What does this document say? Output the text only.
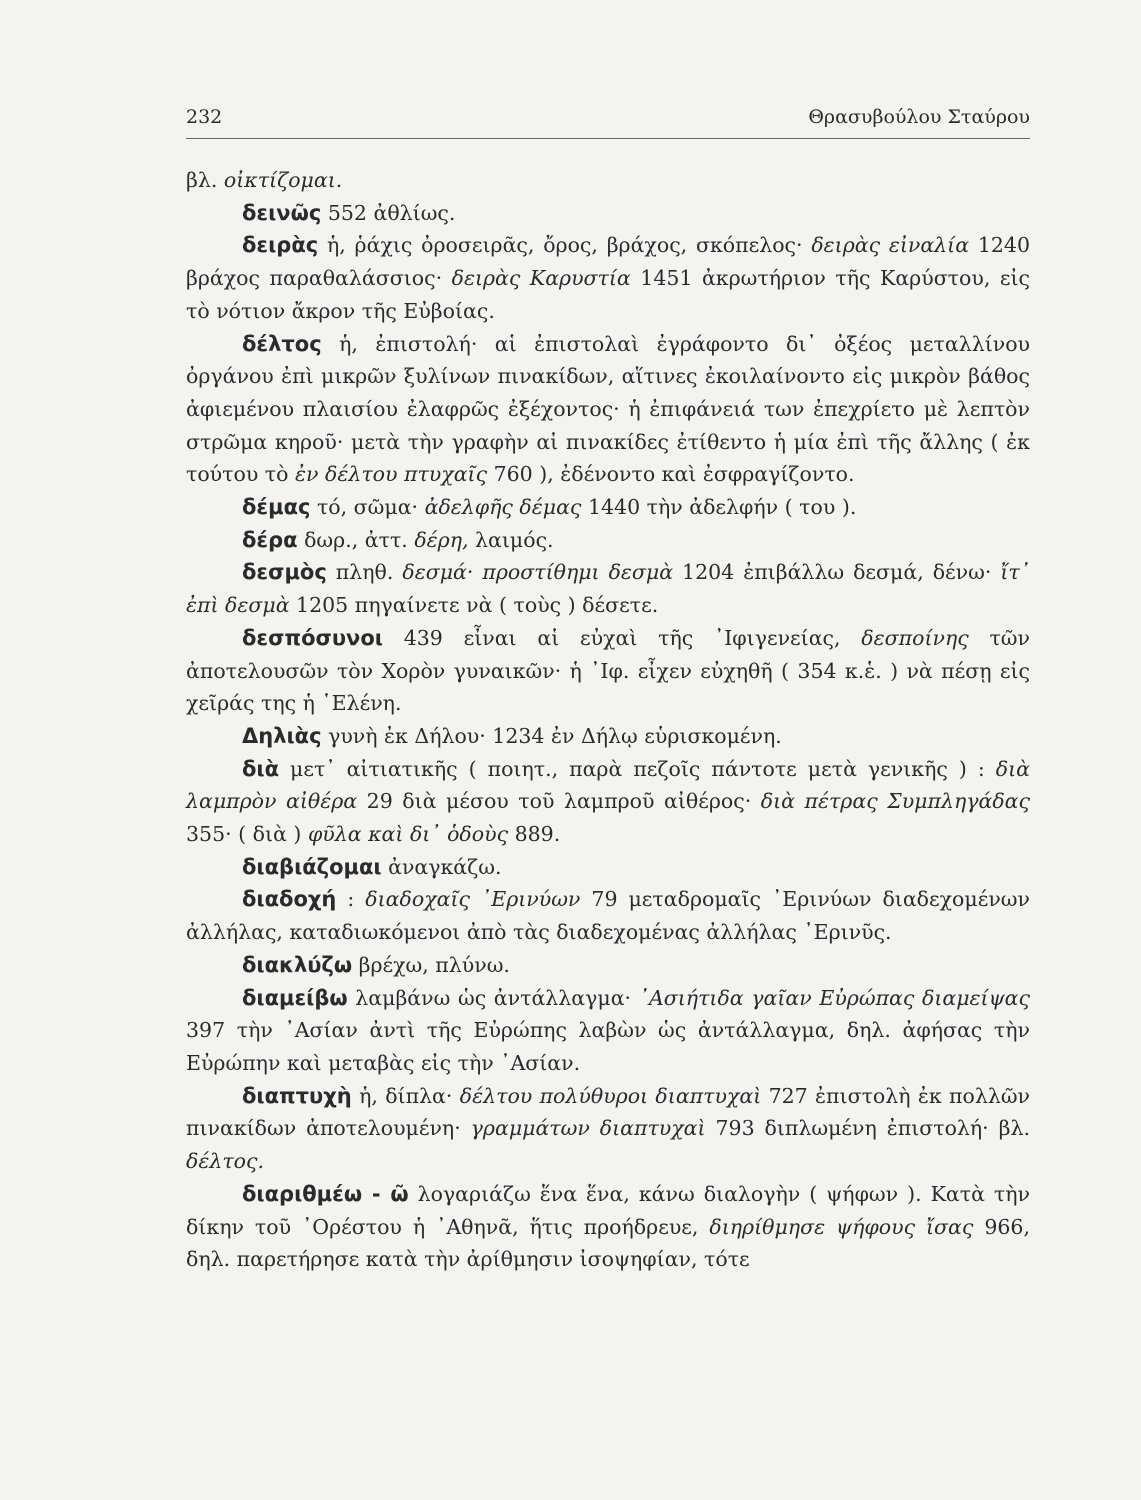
232	Θρασυβούλου Σταύρου

βλ. οἰκτίζομαι.

δεινῶς 552 ἀθλίως.

δειρὰς ἡ, ῥάχις ὀροσειρᾶς, ὄρος, βράχος, σκόπελος· δειρὰς εἰναλία 1240 βράχος παραθαλάσσιος· δειρὰς Καρυστία 1451 ἀκρωτήριον τῆς Καρύστου, εἰς τὸ νότιον ἄκρον τῆς Εὐβοίας.

δέλτος ἡ, ἐπιστολή· αἱ ἐπιστολαὶ ἐγράφοντο δι᾽ ὀξέος μεταλλίνου ὀργάνου ἐπὶ μικρῶν ξυλίνων πινακίδων, αἵτινες ἐκοιλαίνοντο εἰς μικρὸν βάθος ἀφιεμένου πλαισίου ἐλαφρῶς ἐξέχοντος· ἡ ἐπιφάνειά των ἐπεχρίετο μὲ λεπτὸν στρῶμα κηροῦ· μετὰ τὴν γραφὴν αἱ πινακίδες ἐτίθεντο ἡ μία ἐπὶ τῆς ἄλλης ( ἐκ τούτου τὸ ἐν δέλτου πτυχαῖς 760 ), ἐδένοντο καὶ ἐσφραγίζοντο.

δέμας τό, σῶμα· ἀδελφῆς δέμας 1440 τὴν ἀδελφήν ( του ).

δέρα δωρ., ἀττ. δέρη, λαιμός.

δεσμὸς πληθ. δεσμά· προστίθημι δεσμὰ 1204 ἐπιβάλλω δεσμά, δένω· ἴτ᾽ ἐπὶ δεσμὰ 1205 πηγαίνετε νὰ ( τοὺς ) δέσετε.

δεσπόσυνοι 439 εἶναι αἱ εὐχαὶ τῆς ᾽Ιφιγενείας, δεσποίνης τῶν ἀποτελουσῶν τὸν Χορὸν γυναικῶν· ἡ ᾽Ιφ. εἶχεν εὐχηθῆ ( 354 κ.ἑ. ) νὰ πέσῃ εἰς χεῖράς της ἡ ῾Ελένη.

Δηλιὰς γυνὴ ἐκ Δήλου· 1234 ἐν Δήλῳ εὑρισκομένη.

διὰ μετ᾽ αἰτιατικῆς ( ποιητ., παρὰ πεζοῖς πάντοτε μετὰ γενικῆς ) : διὰ λαμπρὸν αἰθέρα 29 διὰ μέσου τοῦ λαμπροῦ αἰθέρος· διὰ πέτρας Συμπληγάδας 355· ( διὰ ) φῦλα καὶ δι᾽ ὁδοὺς 889.

διαβιάζομαι ἀναγκάζω.

διαδοχή : διαδοχαῖς ᾽Ερινύων 79 μεταδρομαῖς ᾽Ερινύων διαδεχομένων ἀλλήλας, καταδιωκόμενοι ἀπὸ τὰς διαδεχομένας ἀλλήλας ᾽Ερινῦς.

διακλύζω βρέχω, πλύνω.

διαμείβω λαμβάνω ὡς ἀντάλλαγμα· ᾽Ασιήτιδα γαῖαν Εὐρώπας διαμείψας 397 τὴν ᾽Ασίαν ἀντὶ τῆς Εὐρώπης λαβὼν ὡς ἀντάλλαγμα, δηλ. ἀφήσας τὴν Εὐρώπην καὶ μεταβὰς εἰς τὴν ᾽Ασίαν.

διαπτυχὴ ἡ, δίπλα· δέλτου πολύθυροι διαπτυχαὶ 727 ἐπιστολὴ ἐκ πολλῶν πινακίδων ἀποτελουμένη· γραμμάτων διαπτυχαὶ 793 διπλωμένη ἐπιστολή· βλ. δέλτος.

διαριθμέω - ῶ λογαριάζω ἕνα ἕνα, κάνω διαλογὴν ( ψήφων ). Κατὰ τὴν δίκην τοῦ ᾽Ορέστου ἡ ᾽Αθηνᾶ, ἥτις προήδρευε, διηρίθμησε ψήφους ἴσας 966, δηλ. παρετήρησε κατὰ τὴν ἀρίθμησιν ἰσοψηφίαν, τότε
